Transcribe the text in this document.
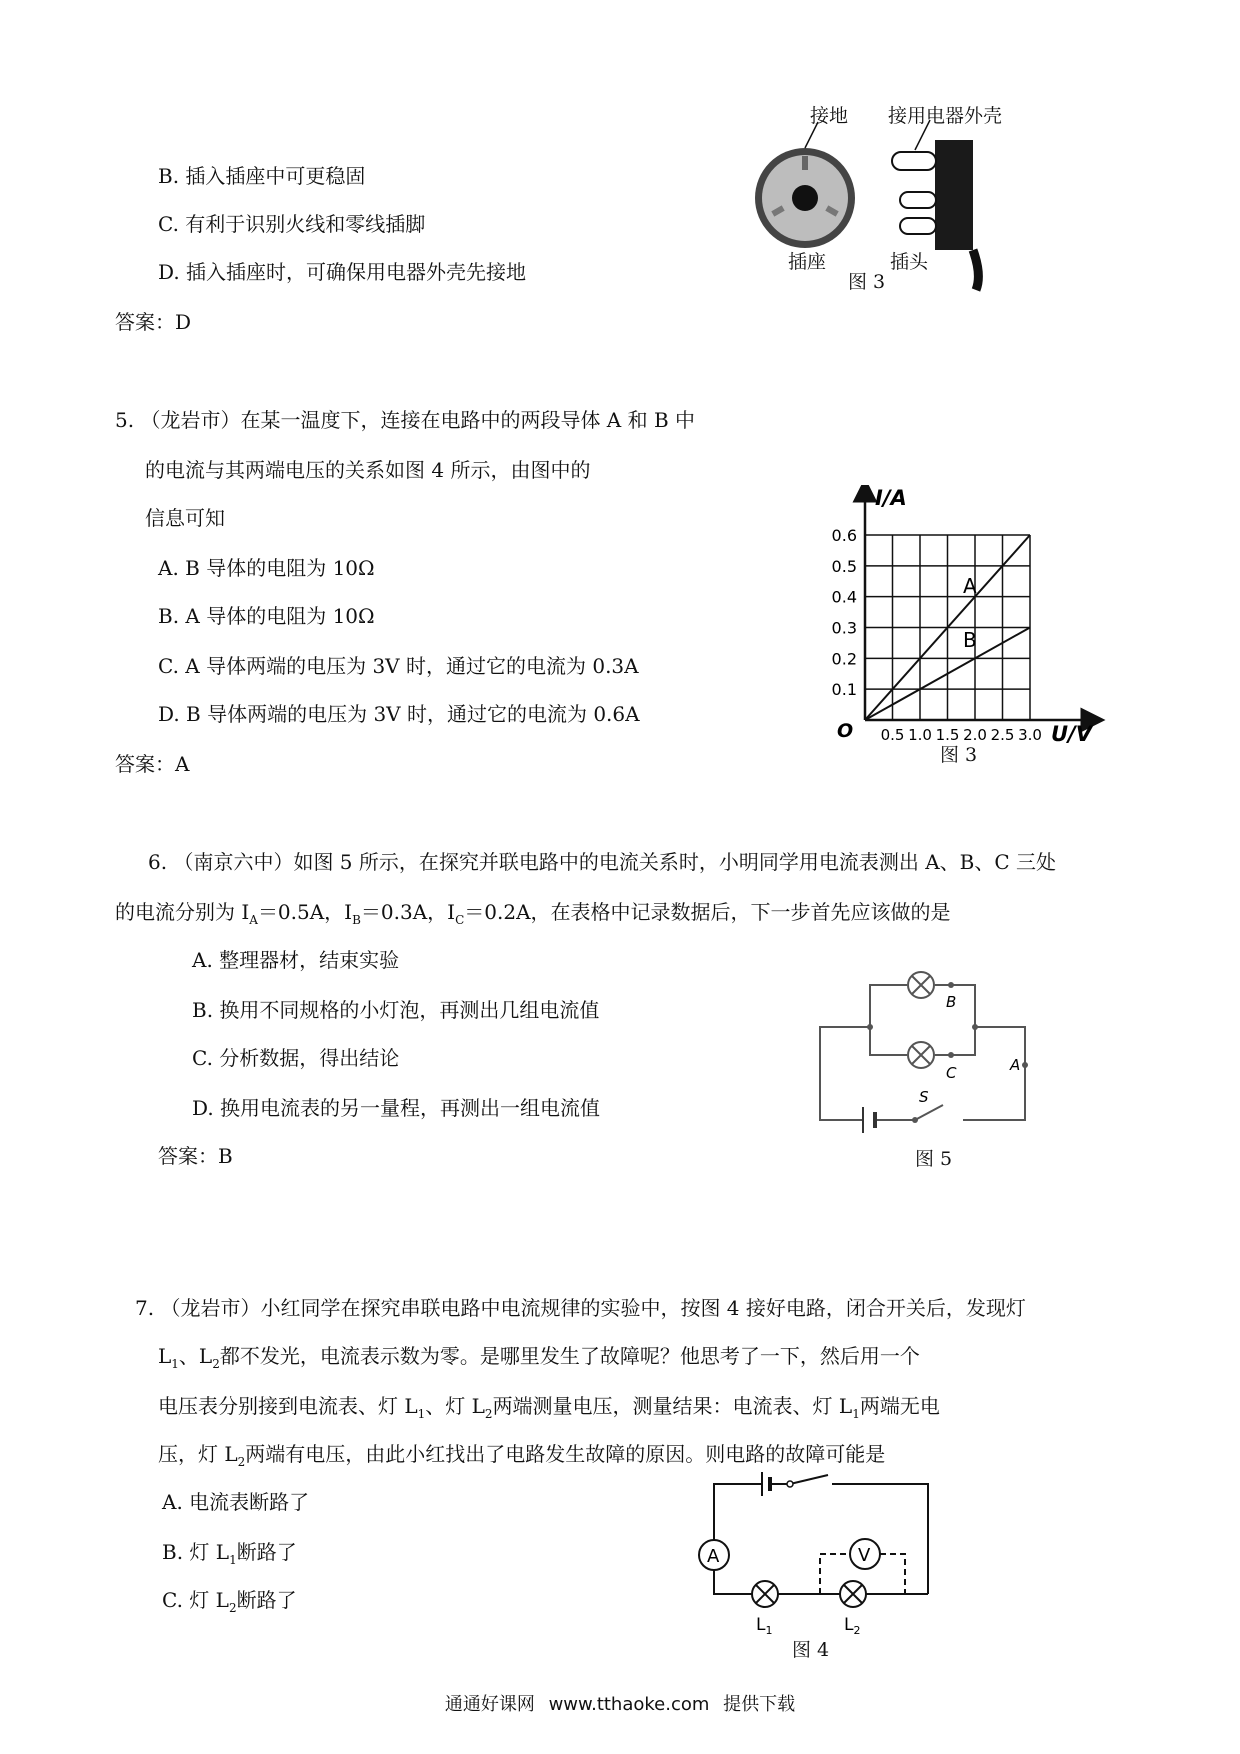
B. 插入插座中可更稳固
C. 有利于识别火线和零线插脚
D. 插入插座时，可确保用电器外壳先接地
答案：D
接地 接用电器外壳
插座	插头
图 3
5. （龙岩市）在某一温度下，连接在电路中的两段导体 A 和 B 中
的电流与其两端电压的关系如图 4 所示，由图中的
信息可知
A. B 导体的电阻为 10Ω
B. A 导体的电阻为 10Ω
C. A 导体两端的电压为 3V 时，通过它的电流为 0.3A
D. B 导体两端的电压为 3V 时，通过它的电流为 0.6A
答案：A
0.1
0.2
0.3
0.4
0.5
0.6
0.5 1.0 1.5 2.0 2.5 3.0
I/A
U/V
O
A
B
图 3
6. （南京六中）如图 5 所示，在探究并联电路中的电流关系时，小明同学用电流表测出 A、B、C 三处
的电流分别为 $I_A=0.5A$，$I_B=0.3A$，$I_C=0.2A$，在表格中记录数据后，下一步首先应该做的是
A. 整理器材，结束实验
B. 换用不同规格的小灯泡，再测出几组电流值
C. 分析数据，得出结论
D. 换用电流表的另一量程，再测出一组电流值
答案：B
B
C	A
S
图 5
7. （龙岩市）小红同学在探究串联电路中电流规律的实验中，按图 4 接好电路，闭合开关后，发现灯
$L_1$、$L_2$都不发光，电流表示数为零。是哪里发生了故障呢？他思考了一下，然后用一个
电压表分别接到电流表、灯 $L_1$、灯 $L_2$两端测量电压，测量结果：电流表、灯 $L_1$两端无电
压，灯 $L_2$两端有电压，由此小红找出了电路发生故障的原因。则电路的故障可能是
A. 电流表断路了
B. 灯 $L_1$断路了
C. 灯 $L_2$断路了
A	V
$L_1$	$L_2$
图 4
通通好课网 www.tthaoke.com 提供下载
